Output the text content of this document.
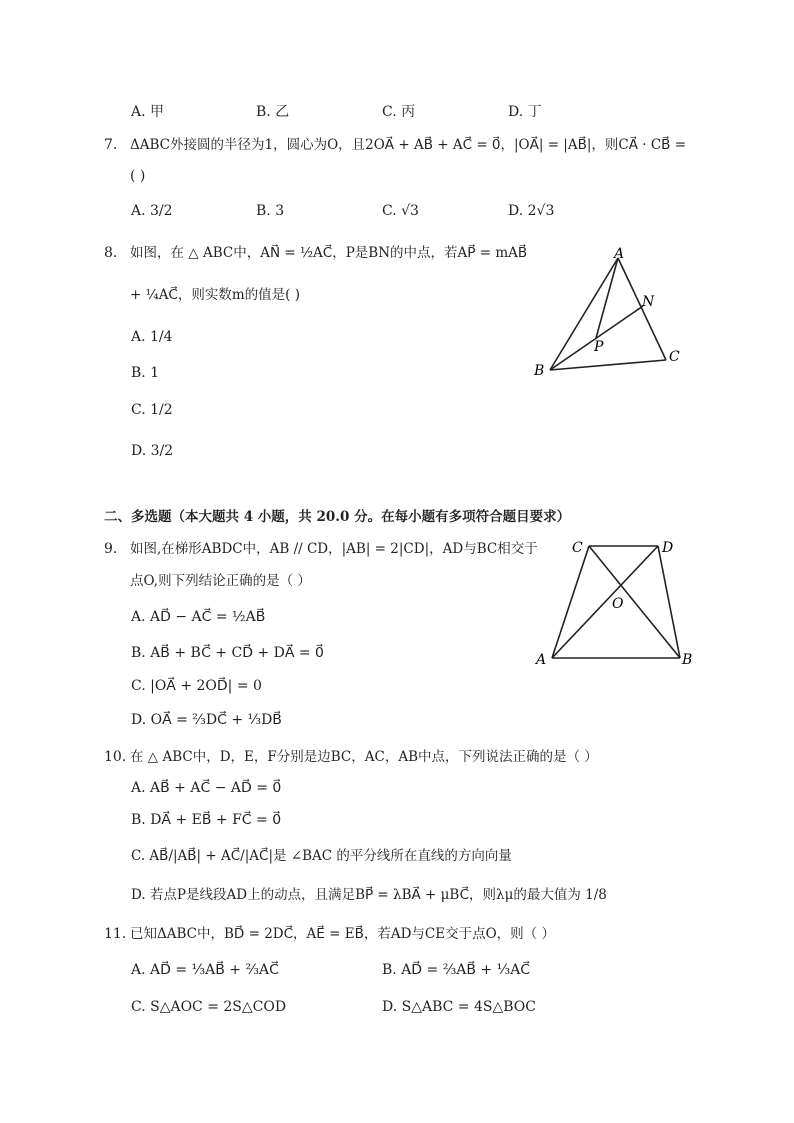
A. 甲	B. 乙	C. 丙	D. 丁
7. ΔABC外接圆的半径为1，圆心为O，且2OA⃗ + AB⃗ + AC⃗ = 0⃗，|OA⃗| = |AB⃗|，则CA⃗ · CB⃗ =
( )
A. 3/2	B. 3	C. √3	D. 2√3
8. 如图，在 △ ABC中，AN⃗ = ½AC⃗，P是BN的中点，若AP⃗ = mAB⃗
+ ¼AC⃗，则实数m的值是( )
A. 1/4
B. 1
C. 1/2
D. 3/2
A
N
P
B
C
二、多选题（本大题共 4 小题，共 20.0 分。在每小题有多项符合题目要求）
9. 如图,在梯形ABDC中，AB // CD，|AB| = 2|CD|，AD与BC相交于
点O,则下列结论正确的是（ ）
A. AD⃗ − AC⃗ = ½AB⃗
B. AB⃗ + BC⃗ + CD⃗ + DA⃗ = 0⃗
C. |OA⃗ + 2OD⃗| = 0
D. OA⃗ = ⅔DC⃗ + ⅓DB⃗
C	D
O
A	B
10. 在 △ ABC中，D，E，F分别是边BC，AC，AB中点，下列说法正确的是（ ）
A. AB⃗ + AC⃗ − AD⃗ = 0⃗
B. DA⃗ + EB⃗ + FC⃗ = 0⃗
C. AB⃗/|AB⃗| + AC⃗/|AC⃗|是 ∠BAC 的平分线所在直线的方向向量
D. 若点P是线段AD上的动点，且满足BP⃗ = λBA⃗ + μBC⃗，则λμ的最大值为 1/8
11. 已知ΔABC中，BD⃗ = 2DC⃗，AE⃗ = EB⃗，若AD与CE交于点O，则（ ）
A. AD⃗ = ⅓AB⃗ + ⅔AC⃗	B. AD⃗ = ⅔AB⃗ + ⅓AC⃗
C. S△AOC = 2S△COD	D. S△ABC = 4S△BOC
